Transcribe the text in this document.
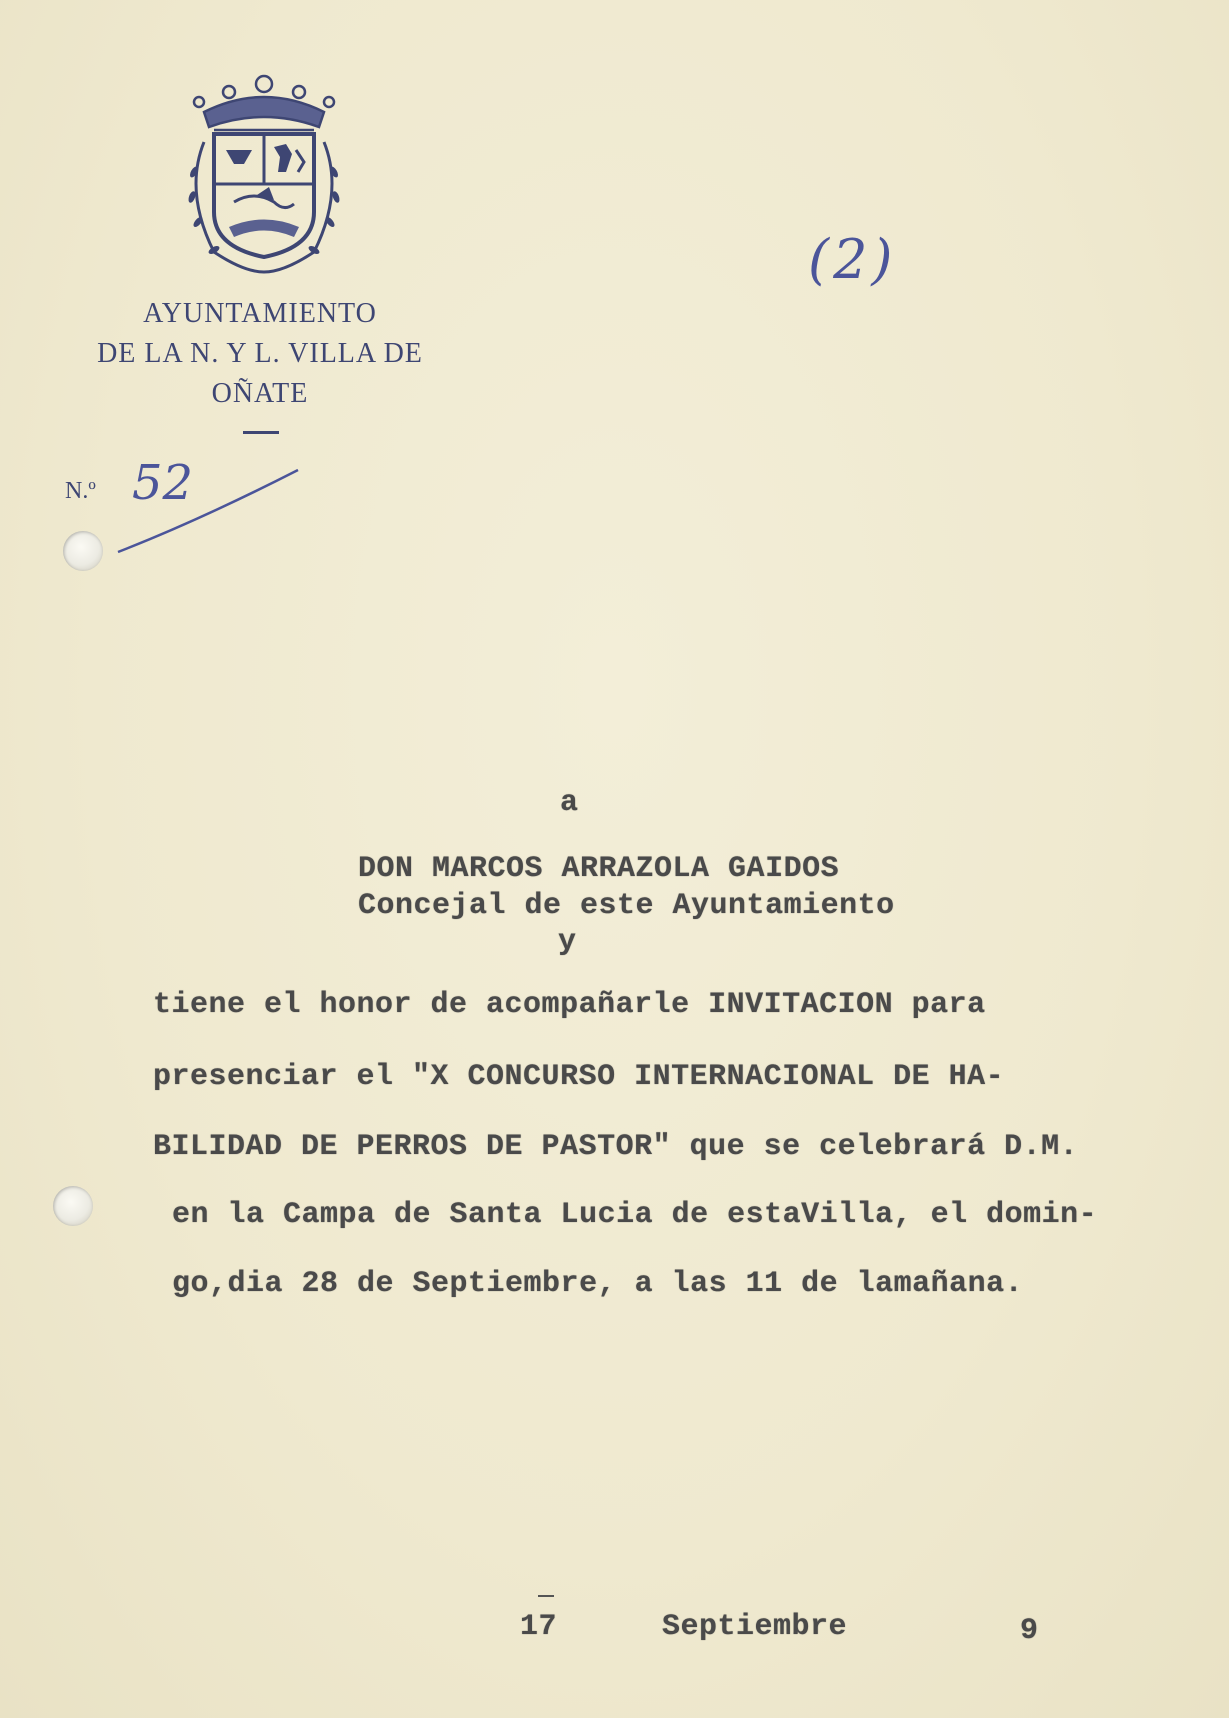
AYUNTAMIENTO
DE LA N. Y L. VILLA DE
OÑATE
N.º 52
(2)
a
DON MARCOS ARRAZOLA GAIDOS
Concejal de este Ayuntamiento
y
tiene el honor de acompañarle INVITACION para
presenciar el "X CONCURSO INTERNACIONAL DE HA-
BILIDAD DE PERROS DE PASTOR" que se celebrará D.M.
en la Campa de Santa Lucia de estaVilla, el domin-
go,dia 28 de Septiembre, a las 11 de lamañana.
17	Septiembre	9
